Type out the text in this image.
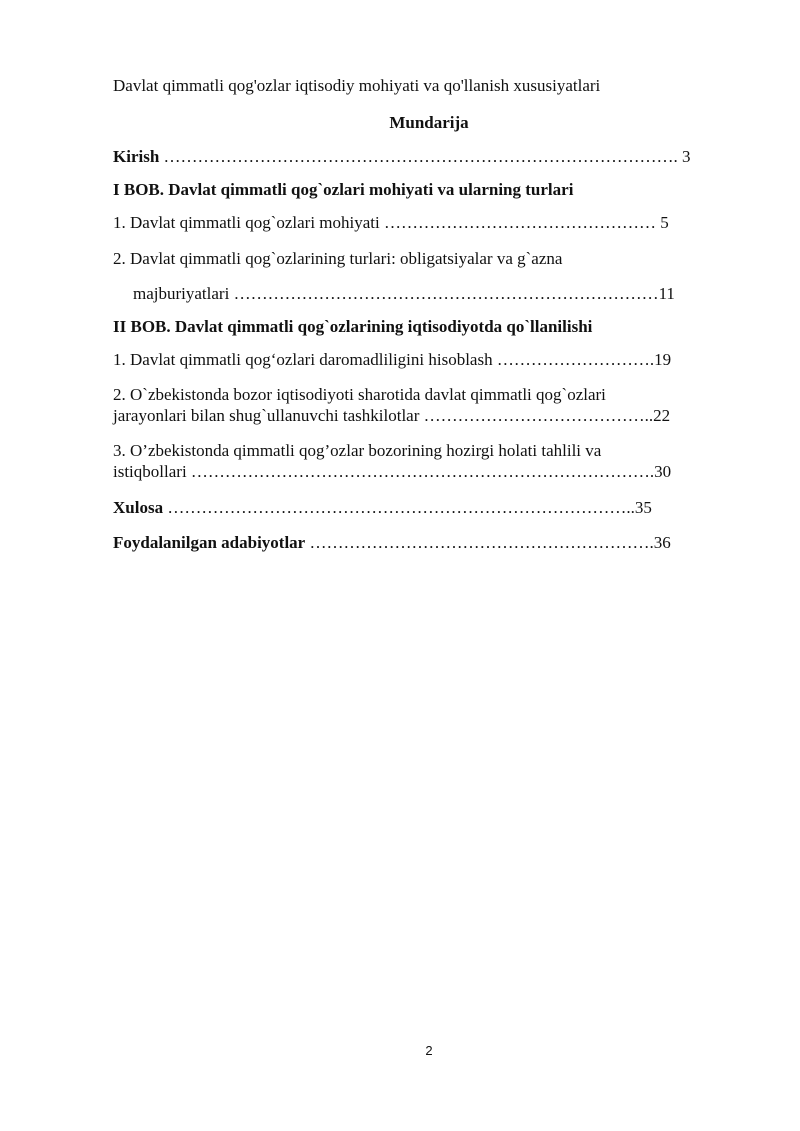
Davlat qimmatli qog'ozlar iqtisodiy mohiyati va qo'llanish xususiyatlari
Mundarija
Kirish ………………………………………………………………………………. 3
I BOB. Davlat qimmatli qog`ozlari mohiyati va ularning turlari
1. Davlat qimmatli qog`ozlari mohiyati ………………………………………… 5
2. Davlat qimmatli qog`ozlarining turlari: obligatsiyalar va g`azna
majburiyatlari …………………………………………………………………11
II BOB. Davlat qimmatli qog`ozlarining iqtisodiyotda qo`llanilishi
1. Davlat qimmatli qog‘ozlari daromadliligini hisoblash ……………………….19
2. O`zbekistonda bozor iqtisodiyoti sharotida davlat qimmatli qog`ozlari
jarayonlari bilan shug`ullanuvchi tashkilotlar …………………………………..22
3. O’zbekistonda qimmatli qog’ozlar bozorining hozirgi holati tahlili va
istiqbollari ……………………………………………………………………….30
Xulosa ………………………………………………………………………..35
Foydalanilgan adabiyotlar …………………………………………………….36
2
